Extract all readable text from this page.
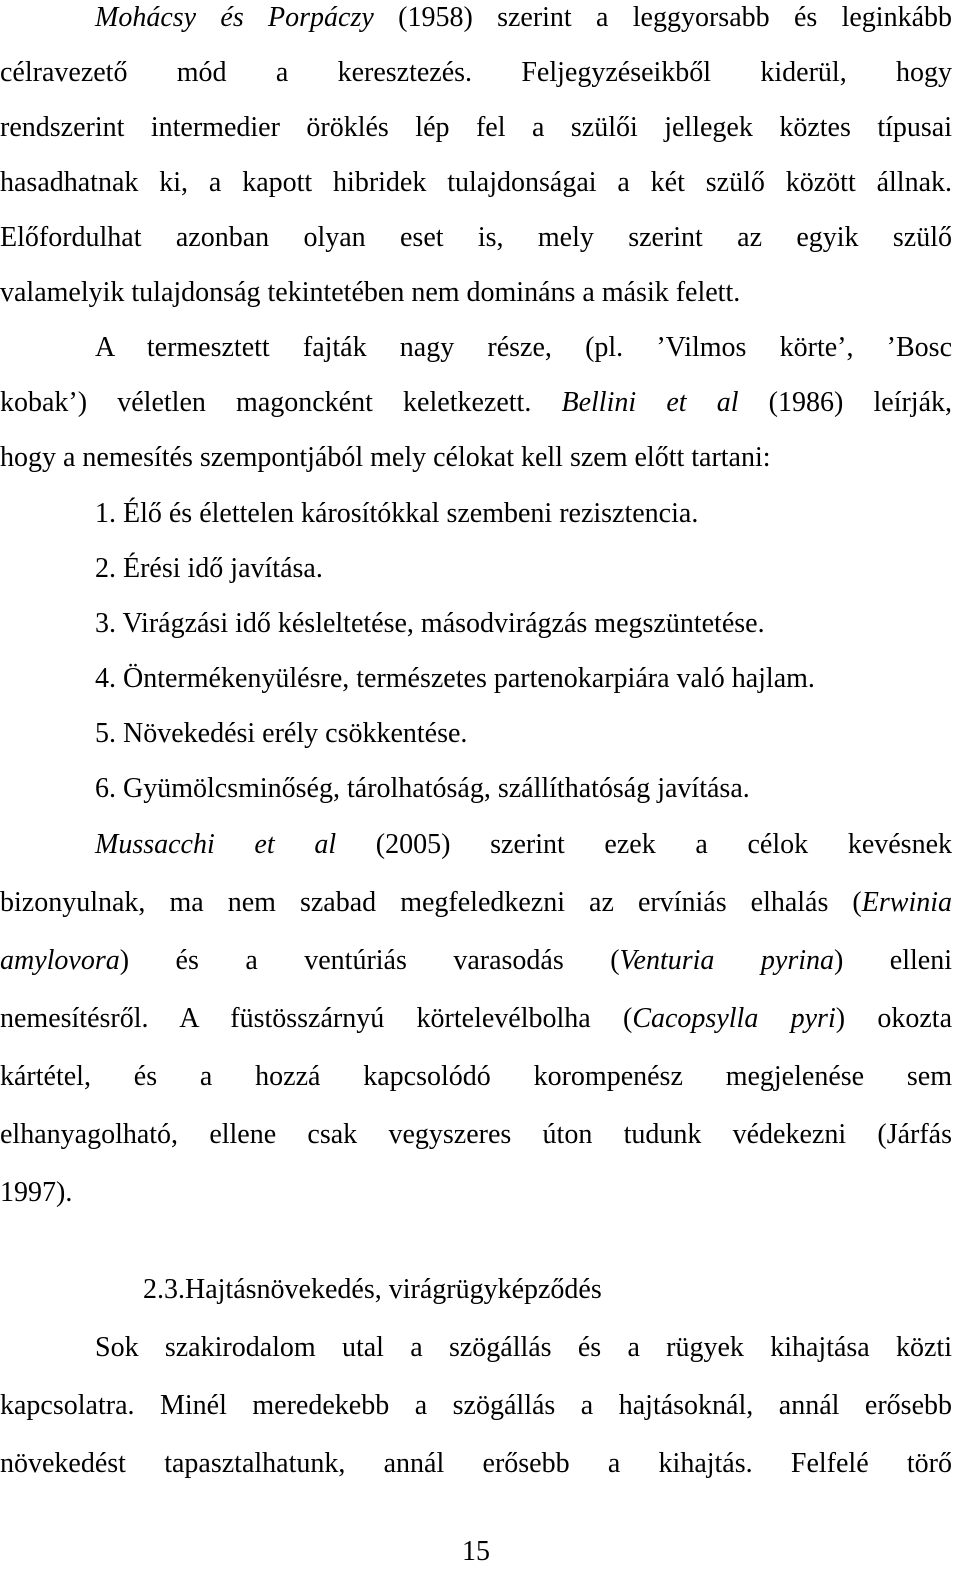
Mohácsy és Porpáczy (1958) szerint a leggyorsabb és leginkább
célravezető mód a keresztezés. Feljegyzéseikből kiderül, hogy
rendszerint intermedier öröklés lép fel a szülői jellegek köztes típusai
hasadhatnak ki, a kapott hibridek tulajdonságai a két szülő között állnak.
Előfordulhat azonban olyan eset is, mely szerint az egyik szülő
valamelyik tulajdonság tekintetében nem domináns a másik felett.
A termesztett fajták nagy része, (pl. ’Vilmos körte’, ’Bosc
kobak’) véletlen magoncként keletkezett. Bellini et al (1986) leírják,
hogy a nemesítés szempontjából mely célokat kell szem előtt tartani:
1. Élő és élettelen károsítókkal szembeni rezisztencia.
2. Érési idő javítása.
3. Virágzási idő késleltetése, másodvirágzás megszüntetése.
4. Öntermékenyülésre, természetes partenokarpiára való hajlam.
5. Növekedési erély csökkentése.
6. Gyümölcsminőség, tárolhatóság, szállíthatóság javítása.
Mussacchi et al (2005) szerint ezek a célok kevésnek
bizonyulnak, ma nem szabad megfeledkezni az ervíniás elhalás (Erwinia
amylovora) és a ventúriás varasodás (Venturia pyrina) elleni
nemesítésről. A füstösszárnyú körtelevélbolha (Cacopsylla pyri) okozta
kártétel, és a hozzá kapcsolódó korompenész megjelenése sem
elhanyagolható, ellene csak vegyszeres úton tudunk védekezni (Járfás
1997).
2.3.Hajtásnövekedés, virágrügyképződés
Sok szakirodalom utal a szögállás és a rügyek kihajtása közti
kapcsolatra. Minél meredekebb a szögállás a hajtásoknál, annál erősebb
növekedést tapasztalhatunk, annál erősebb a kihajtás. Felfelé törő
15
